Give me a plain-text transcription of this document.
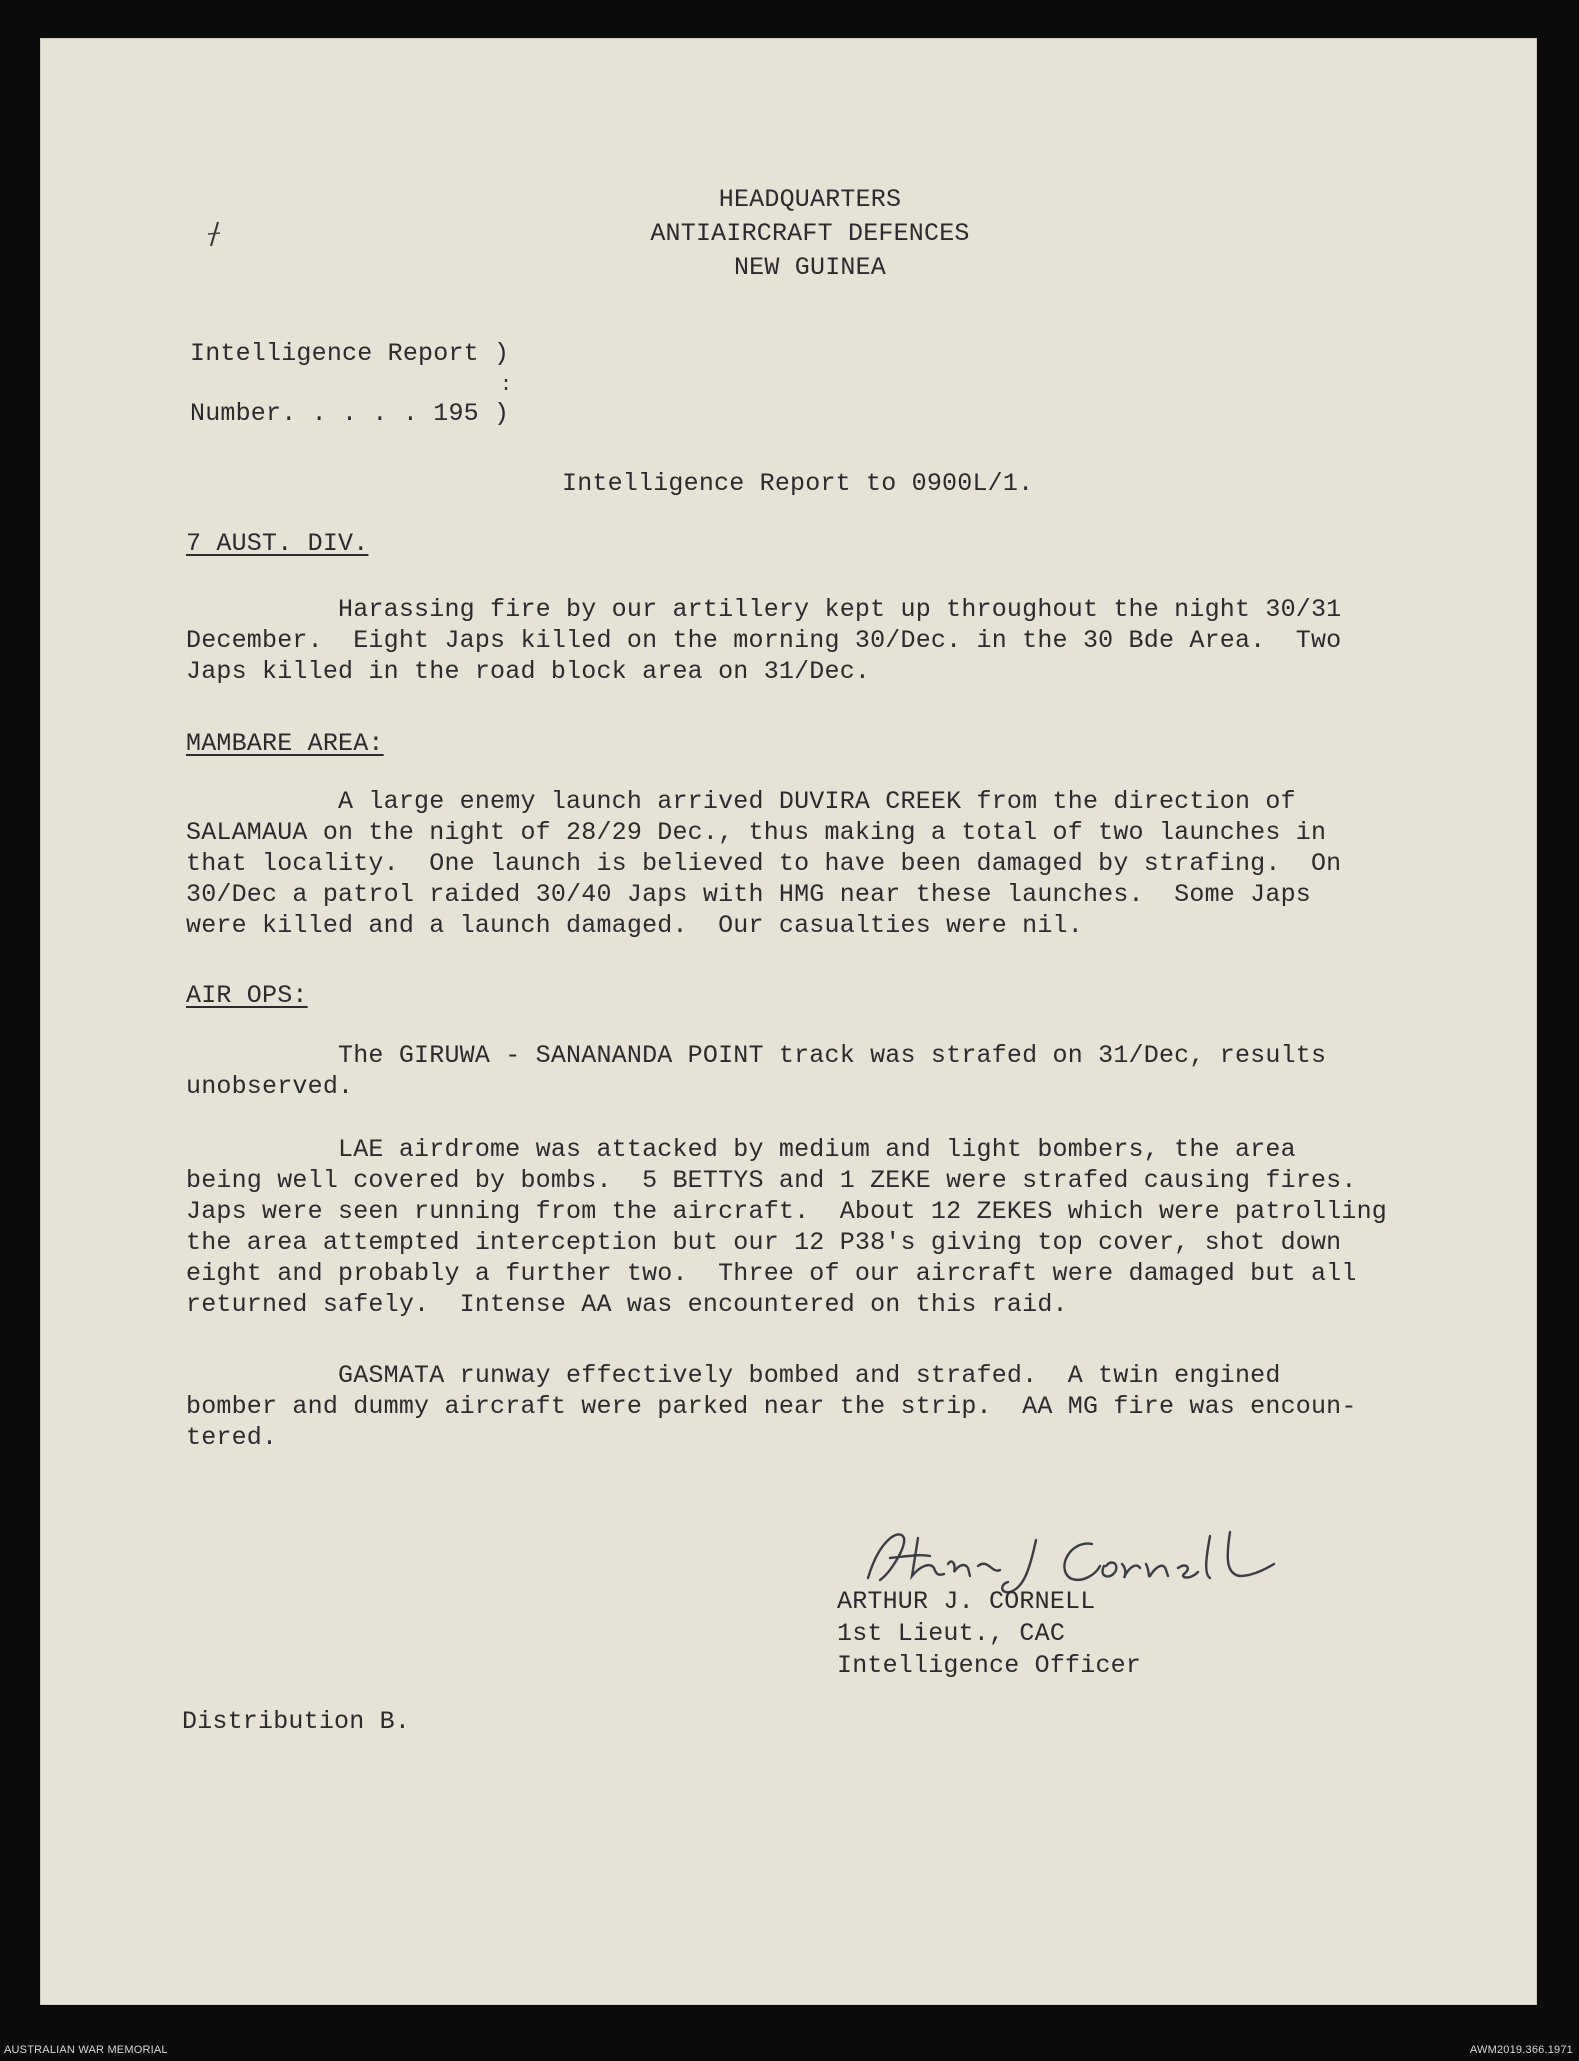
HEADQUARTERS
ANTIAIRCRAFT DEFENCES
NEW GUINEA
Intelligence Report )
:
Number. . . . . 195 )
Intelligence Report to 0900L/1.
7 AUST. DIV.
Harassing fire by our artillery kept up throughout the night 30/31
December.  Eight Japs killed on the morning 30/Dec. in the 30 Bde Area.  Two
Japs killed in the road block area on 31/Dec.
MAMBARE AREA:
A large enemy launch arrived DUVIRA CREEK from the direction of
SALAMAUA on the night of 28/29 Dec., thus making a total of two launches in
that locality.  One launch is believed to have been damaged by strafing.  On
30/Dec a patrol raided 30/40 Japs with HMG near these launches.  Some Japs
were killed and a launch damaged.  Our casualties were nil.
AIR OPS:
The GIRUWA - SANANANDA POINT track was strafed on 31/Dec, results
unobserved.
LAE airdrome was attacked by medium and light bombers, the area
being well covered by bombs.  5 BETTYS and 1 ZEKE were strafed causing fires.
Japs were seen running from the aircraft.  About 12 ZEKES which were patrolling
the area attempted interception but our 12 P38's giving top cover, shot down
eight and probably a further two.  Three of our aircraft were damaged but all
returned safely.  Intense AA was encountered on this raid.
GASMATA runway effectively bombed and strafed.  A twin engined
bomber and dummy aircraft were parked near the strip.  AA MG fire was encoun-
tered.
ARTHUR J. CORNELL
1st Lieut., CAC
Intelligence Officer
Distribution B.
AUSTRALIAN WAR MEMORIAL	AWM2019.366.1971
